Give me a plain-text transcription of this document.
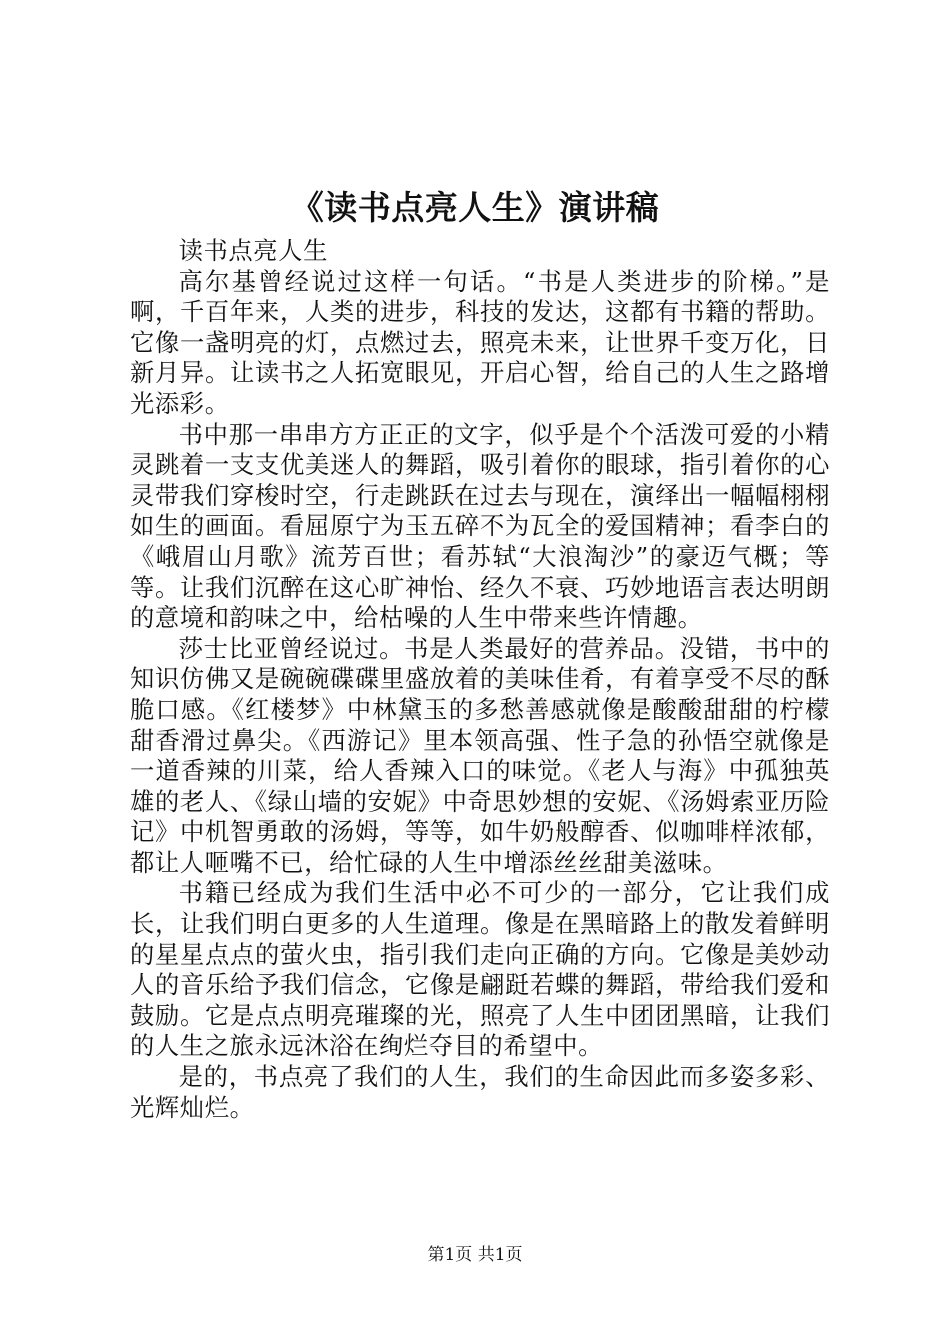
《读书点亮人生》演讲稿

读书点亮人生

高尔基曾经说过这样一句话。“书是人类进步的阶梯。”是啊，千百年来，人类的进步，科技的发达，这都有书籍的帮助。它像一盏明亮的灯，点燃过去，照亮未来，让世界千变万化，日新月异。让读书之人拓宽眼见，开启心智，给自己的人生之路增光添彩。

书中那一串串方方正正的文字，似乎是个个活泼可爱的小精灵跳着一支支优美迷人的舞蹈，吸引着你的眼球，指引着你的心灵带我们穿梭时空，行走跳跃在过去与现在，演绎出一幅幅栩栩如生的画面。看屈原宁为玉五碎不为瓦全的爱国精神；看李白的《峨眉山月歌》流芳百世；看苏轼“大浪淘沙”的豪迈气概；等等。让我们沉醉在这心旷神怡、经久不衰、巧妙地语言表达明朗的意境和韵味之中，给枯噪的人生中带来些许情趣。

莎士比亚曾经说过。书是人类最好的营养品。没错，书中的知识仿佛又是碗碗碟碟里盛放着的美味佳肴，有着享受不尽的酥脆口感。《红楼梦》中林黛玉的多愁善感就像是酸酸甜甜的柠檬甜香滑过鼻尖。《西游记》里本领高强、性子急的孙悟空就像是一道香辣的川菜，给人香辣入口的味觉。《老人与海》中孤独英雄的老人、《绿山墙的安妮》中奇思妙想的安妮、《汤姆索亚历险记》中机智勇敢的汤姆，等等，如牛奶般醇香、似咖啡样浓郁，都让人咂嘴不已，给忙碌的人生中增添丝丝甜美滋味。

书籍已经成为我们生活中必不可少的一部分，它让我们成长，让我们明白更多的人生道理。像是在黑暗路上的散发着鲜明的星星点点的萤火虫，指引我们走向正确的方向。它像是美妙动人的音乐给予我们信念，它像是翩跹若蝶的舞蹈，带给我们爱和鼓励。它是点点明亮璀璨的光，照亮了人生中团团黑暗，让我们的人生之旅永远沐浴在绚烂夺目的希望中。

是的，书点亮了我们的人生，我们的生命因此而多姿多彩、光辉灿烂。

第1页 共1页
